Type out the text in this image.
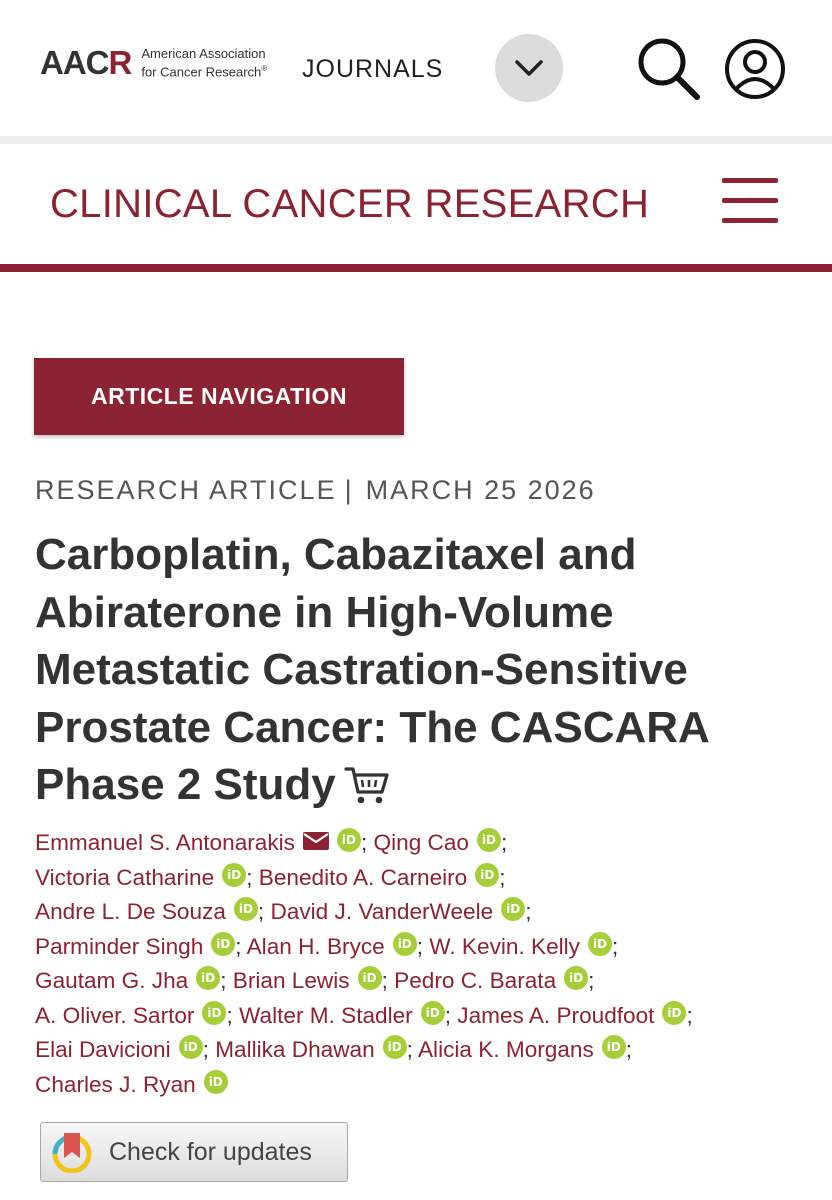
AACR American Association
for Cancer Research® JOURNALS
CLINICAL CANCER RESEARCH
ARTICLE NAVIGATION
RESEARCH ARTICLE | MARCH 25 2026
Carboplatin, Cabazitaxel and Abiraterone in High-Volume Metastatic Castration-Sensitive Prostate Cancer: The CASCARA Phase 2 Study
Emmanuel S. Antonarakis	iD ; Qing Cao iD ;
Victoria Catharine iD ; Benedito A. Carneiro iD ;
Andre L. De Souza iD ; David J. VanderWeele iD ;
Parminder Singh iD ; Alan H. Bryce iD ; W. Kevin. Kelly iD ;
Gautam G. Jha iD ; Brian Lewis iD ; Pedro C. Barata iD ;
A. Oliver. Sartor iD ; Walter M. Stadler iD ; James A. Proudfoot iD ;
Elai Davicioni iD ; Mallika Dhawan iD ; Alicia K. Morgans iD ;
Charles J. Ryan iD
Check for updates
